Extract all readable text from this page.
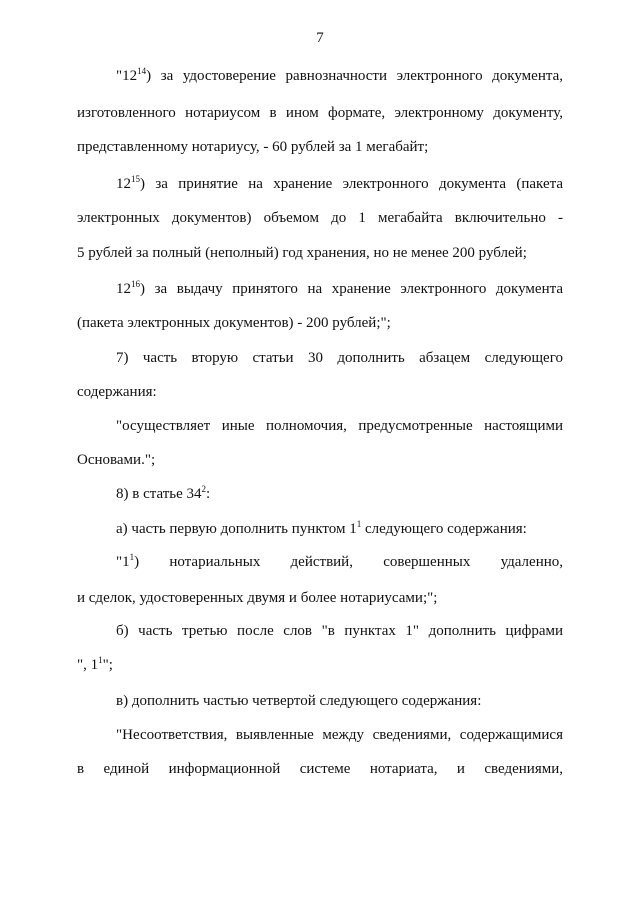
7
"$12^{14}$) за удостоверение равнозначности электронного документа,
изготовленного нотариусом в ином формате, электронному документу,
представленному нотариусу, - 60 рублей за 1 мегабайт;
$12^{15}$) за принятие на хранение электронного документа (пакета
электронных документов) объемом до 1 мегабайта включительно -
5 рублей за полный (неполный) год хранения, но не менее 200 рублей;
$12^{16}$) за выдачу принятого на хранение электронного документа
(пакета электронных документов) - 200 рублей;";
7) часть вторую статьи 30 дополнить абзацем следующего
содержания:
"осуществляет иные полномочия, предусмотренные настоящими
Основами.";
8) в статье $34^2$:
а) часть первую дополнить пунктом $1^1$ следующего содержания:
"$1^1$) нотариальных действий, совершенных удаленно,
и сделок, удостоверенных двумя и более нотариусами;";
б) часть третью после слов "в пунктах 1" дополнить цифрами
", $1^1$";
в) дополнить частью четвертой следующего содержания:
"Несоответствия, выявленные между сведениями, содержащимися
в единой информационной системе нотариата, и сведениями,
